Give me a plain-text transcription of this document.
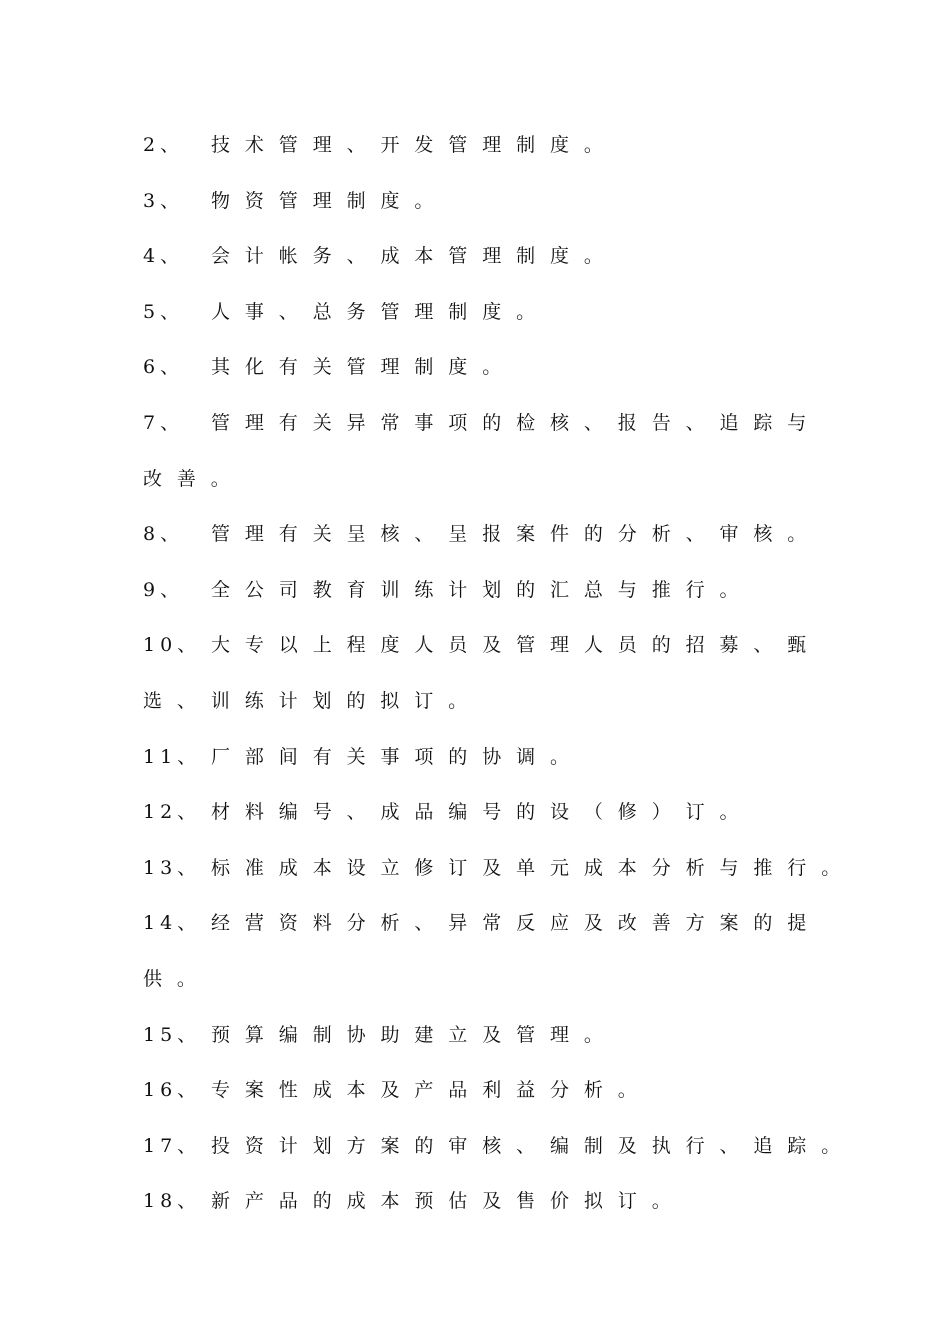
2、 技术管理、开发管理制度。
3、 物资管理制度。
4、 会计帐务、成本管理制度。
5、 人事、总务管理制度。
6、 其化有关管理制度。
7、 管理有关异常事项的检核、报告、追踪与
改善。
8、 管理有关呈核、呈报案件的分析、审核。
9、 全公司教育训练计划的汇总与推行。
10、 大专以上程度人员及管理人员的招募、甄
选、训练计划的拟订。
11、 厂部间有关事项的协调。
12、 材料编号、成品编号的设（修）订。
13、 标准成本设立修订及单元成本分析与推行。
14、 经营资料分析、异常反应及改善方案的提
供。
15、 预算编制协助建立及管理。
16、 专案性成本及产品利益分析。
17、 投资计划方案的审核、编制及执行、追踪。
18、 新产品的成本预估及售价拟订。
